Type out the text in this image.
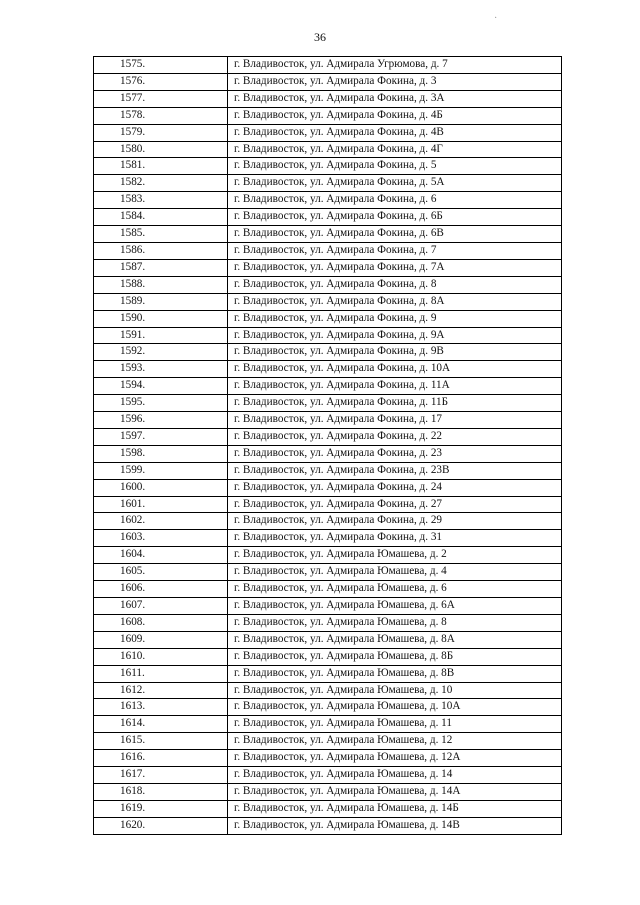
36
·
1575.	г. Владивосток, ул. Адмирала Угрюмова, д. 7
1576.	г. Владивосток, ул. Адмирала Фокина, д. 3
1577.	г. Владивосток, ул. Адмирала Фокина, д. 3А
1578.	г. Владивосток, ул. Адмирала Фокина, д. 4Б
1579.	г. Владивосток, ул. Адмирала Фокина, д. 4В
1580.	г. Владивосток, ул. Адмирала Фокина, д. 4Г
1581.	г. Владивосток, ул. Адмирала Фокина, д. 5
1582.	г. Владивосток, ул. Адмирала Фокина, д. 5А
1583.	г. Владивосток, ул. Адмирала Фокина, д. 6
1584.	г. Владивосток, ул. Адмирала Фокина, д. 6Б
1585.	г. Владивосток, ул. Адмирала Фокина, д. 6В
1586.	г. Владивосток, ул. Адмирала Фокина, д. 7
1587.	г. Владивосток, ул. Адмирала Фокина, д. 7А
1588.	г. Владивосток, ул. Адмирала Фокина, д. 8
1589.	г. Владивосток, ул. Адмирала Фокина, д. 8А
1590.	г. Владивосток, ул. Адмирала Фокина, д. 9
1591.	г. Владивосток, ул. Адмирала Фокина, д. 9А
1592.	г. Владивосток, ул. Адмирала Фокина, д. 9В
1593.	г. Владивосток, ул. Адмирала Фокина, д. 10А
1594.	г. Владивосток, ул. Адмирала Фокина, д. 11А
1595.	г. Владивосток, ул. Адмирала Фокина, д. 11Б
1596.	г. Владивосток, ул. Адмирала Фокина, д. 17
1597.	г. Владивосток, ул. Адмирала Фокина, д. 22
1598.	г. Владивосток, ул. Адмирала Фокина, д. 23
1599.	г. Владивосток, ул. Адмирала Фокина, д. 23В
1600.	г. Владивосток, ул. Адмирала Фокина, д. 24
1601.	г. Владивосток, ул. Адмирала Фокина, д. 27
1602.	г. Владивосток, ул. Адмирала Фокина, д. 29
1603.	г. Владивосток, ул. Адмирала Фокина, д. 31
1604.	г. Владивосток, ул. Адмирала Юмашева, д. 2
1605.	г. Владивосток, ул. Адмирала Юмашева, д. 4
1606.	г. Владивосток, ул. Адмирала Юмашева, д. 6
1607.	г. Владивосток, ул. Адмирала Юмашева, д. 6А
1608.	г. Владивосток, ул. Адмирала Юмашева, д. 8
1609.	г. Владивосток, ул. Адмирала Юмашева, д. 8А
1610.	г. Владивосток, ул. Адмирала Юмашева, д. 8Б
1611.	г. Владивосток, ул. Адмирала Юмашева, д. 8В
1612.	г. Владивосток, ул. Адмирала Юмашева, д. 10
1613.	г. Владивосток, ул. Адмирала Юмашева, д. 10А
1614.	г. Владивосток, ул. Адмирала Юмашева, д. 11
1615.	г. Владивосток, ул. Адмирала Юмашева, д. 12
1616.	г. Владивосток, ул. Адмирала Юмашева, д. 12А
1617.	г. Владивосток, ул. Адмирала Юмашева, д. 14
1618.	г. Владивосток, ул. Адмирала Юмашева, д. 14А
1619.	г. Владивосток, ул. Адмирала Юмашева, д. 14Б
1620.	г. Владивосток, ул. Адмирала Юмашева, д. 14В
